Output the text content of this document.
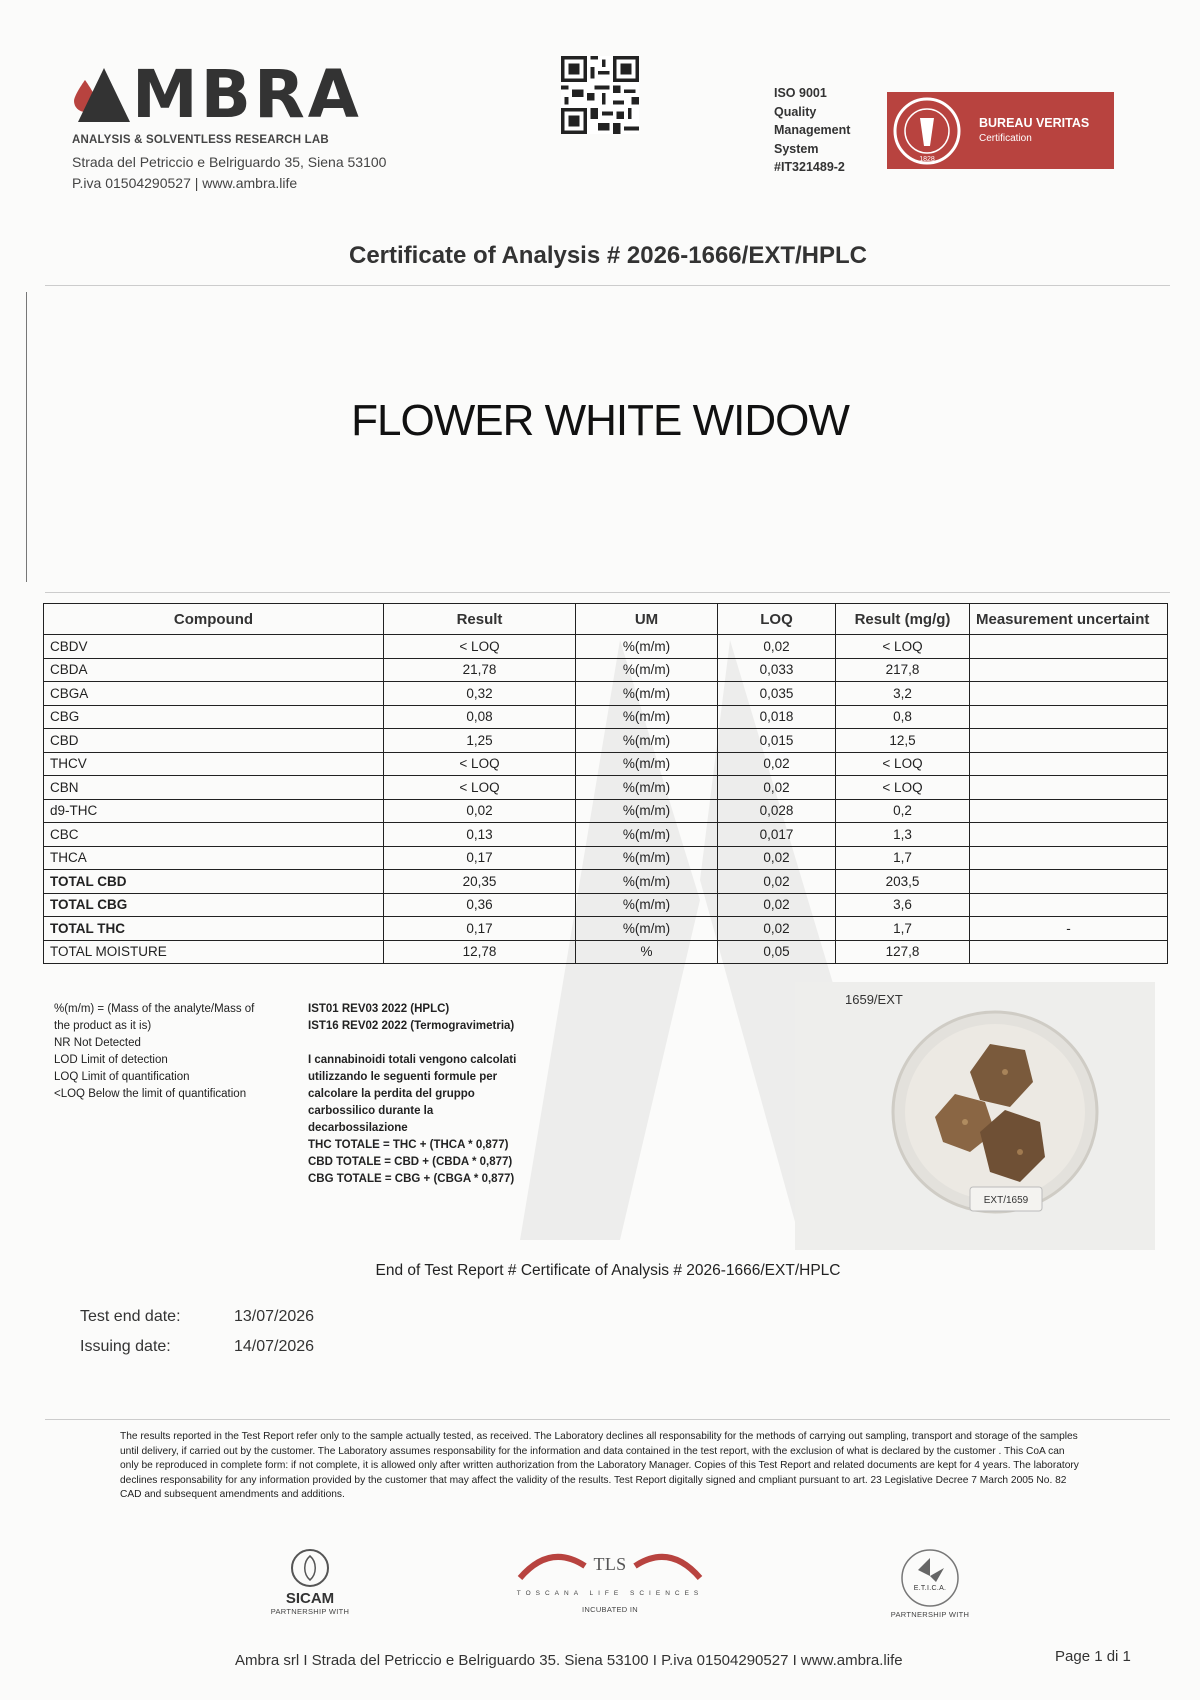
MBRA
ANALYSIS & SOLVENTLESS RESEARCH LAB
Strada del Petriccio e Belriguardo 35, Siena 53100
P.iva 01504290527 | www.ambra.life
ISO 9001
Quality
Management
System
#IT321489-2
1828
BUREAU VERITAS
Certification
Certificate of Analysis # 2026-1666/EXT/HPLC
FLOWER WHITE WIDOW
Compound	Result	UM	LOQ	Result (mg/g)	Measurement uncertaint
CBDV	< LOQ	%(m/m)	0,02	< LOQ	
CBDA	21,78	%(m/m)	0,033	217,8	
CBGA	0,32	%(m/m)	0,035	3,2	
CBG	0,08	%(m/m)	0,018	0,8	
CBD	1,25	%(m/m)	0,015	12,5	
THCV	< LOQ	%(m/m)	0,02	< LOQ	
CBN	< LOQ	%(m/m)	0,02	< LOQ	
d9-THC	0,02	%(m/m)	0,028	0,2	
CBC	0,13	%(m/m)	0,017	1,3	
THCA	0,17	%(m/m)	0,02	1,7	
TOTAL CBD	20,35	%(m/m)	0,02	203,5	
TOTAL CBG	0,36	%(m/m)	0,02	3,6	
TOTAL THC	0,17	%(m/m)	0,02	1,7	-
TOTAL MOISTURE	12,78	%	0,05	127,8	
%(m/m) = (Mass of the analyte/Mass of
the product as it is)
NR Not Detected
LOD Limit of detection
LOQ Limit of quantification
<LOQ Below the limit of quantification
IST01 REV03 2022 (HPLC)
IST16 REV02 2022 (Termogravimetria)
I cannabinoidi totali vengono calcolati
utilizzando le seguenti formule per
calcolare la perdita del gruppo
carbossilico durante la
decarbossilazione
THC TOTALE = THC + (THCA * 0,877)
CBD TOTALE = CBD + (CBDA * 0,877)
CBG TOTALE = CBG + (CBGA * 0,877)
EXT/1659
1659/EXT
End of Test Report # Certificate of Analysis # 2026-1666/EXT/HPLC
Test end date:	13/07/2026
Issuing date:	14/07/2026
The results reported in the Test Report refer only to the sample actually tested, as received. The Laboratory declines all responsability for the methods of carrying out sampling, transport and storage of the samples until delivery, if carried out by the customer. The Laboratory assumes responsability for the information and data contained in the test report, with the exclusion of what is declared by the customer . This CoA can only be reproduced in complete form: if not complete, it is allowed only after written authorization from the Laboratory Manager. Copies of this Test Report and related documents are kept for 4 years. The laboratory declines responsability for any information provided by the customer that may affect the validity of the results. Test Report digitally signed and cmpliant pursuant to art. 23 Legislative Decree 7 March 2005 No. 82 CAD and subsequent amendments and additions.
SICAM
PARTNERSHIP WITH
TLS
TOSCANA LIFE SCIENCES
INCUBATED IN
E.T.I.C.A.
PARTNERSHIP WITH
Ambra srl I Strada del Petriccio e Belriguardo 35. Siena 53100 I P.iva 01504290527 I www.ambra.life	Page 1 di 1
